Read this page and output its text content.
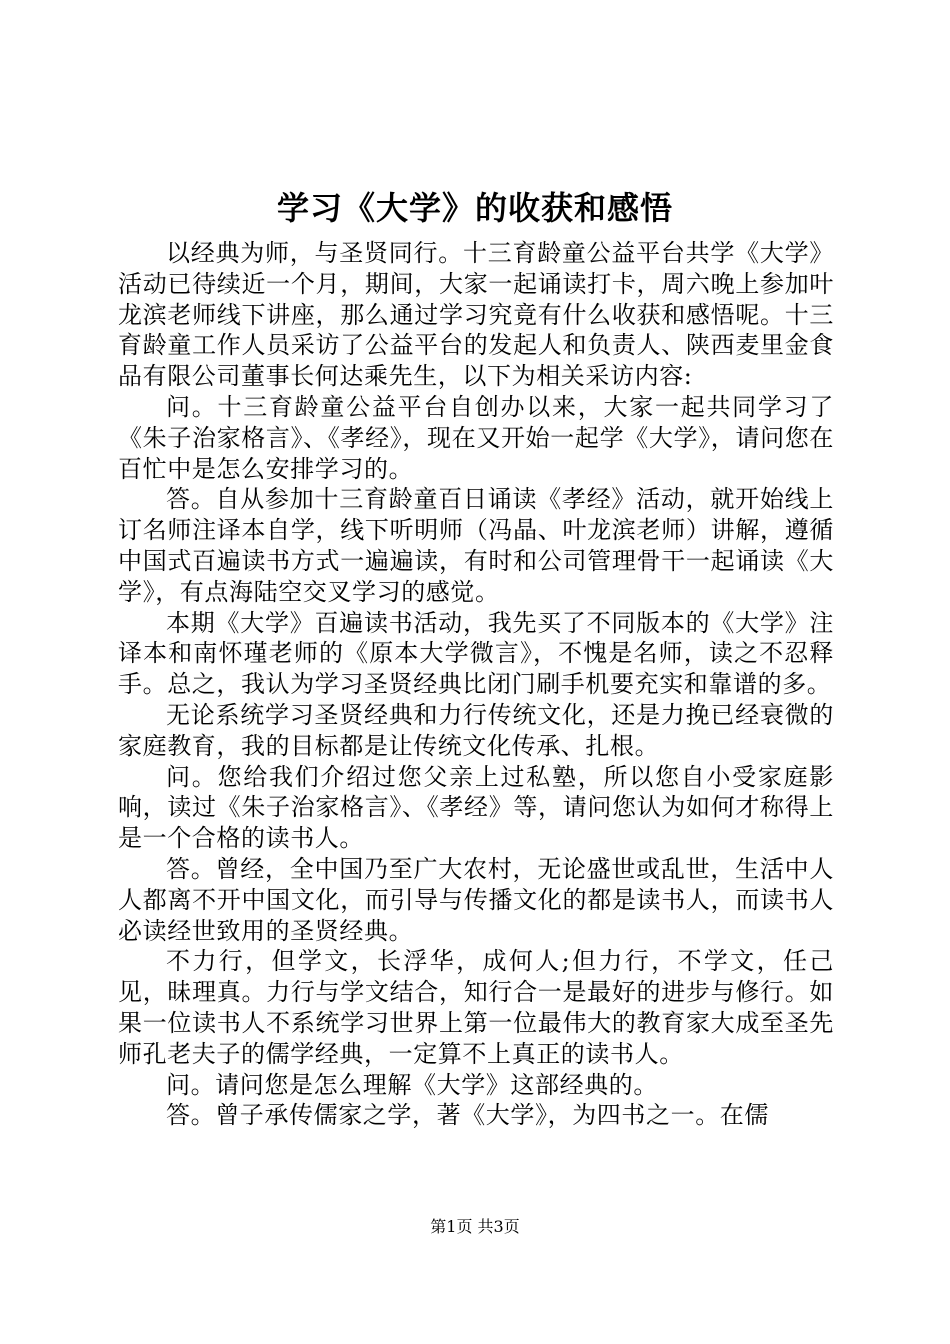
学习《大学》的收获和感悟

以经典为师，与圣贤同行。十三育龄童公益平台共学《大学》活动已待续近一个月，期间，大家一起诵读打卡，周六晚上参加叶龙滨老师线下讲座，那么通过学习究竟有什么收获和感悟呢。十三育龄童工作人员采访了公益平台的发起人和负责人、陕西麦里金食品有限公司董事长何达乘先生，以下为相关采访内容:

问。十三育龄童公益平台自创办以来，大家一起共同学习了《朱子治家格言》、《孝经》，现在又开始一起学《大学》，请问您在百忙中是怎么安排学习的。

答。自从参加十三育龄童百日诵读《孝经》活动，就开始线上订名师注译本自学，线下听明师（冯晶、叶龙滨老师）讲解，遵循中国式百遍读书方式一遍遍读，有时和公司管理骨干一起诵读《大学》，有点海陆空交叉学习的感觉。

本期《大学》百遍读书活动，我先买了不同版本的《大学》注译本和南怀瑾老师的《原本大学微言》，不愧是名师，读之不忍释手。总之，我认为学习圣贤经典比闭门刷手机要充实和靠谱的多。

无论系统学习圣贤经典和力行传统文化，还是力挽已经衰微的家庭教育，我的目标都是让传统文化传承、扎根。

问。您给我们介绍过您父亲上过私塾，所以您自小受家庭影响，读过《朱子治家格言》、《孝经》等，请问您认为如何才称得上是一个合格的读书人。

答。曾经，全中国乃至广大农村，无论盛世或乱世，生活中人人都离不开中国文化，而引导与传播文化的都是读书人，而读书人必读经世致用的圣贤经典。

不力行，但学文，长浮华，成何人;但力行，不学文，任己见，昧理真。力行与学文结合，知行合一是最好的进步与修行。如果一位读书人不系统学习世界上第一位最伟大的教育家大成至圣先师孔老夫子的儒学经典，一定算不上真正的读书人。

问。请问您是怎么理解《大学》这部经典的。

答。曾子承传儒家之学，著《大学》，为四书之一。在儒

第1页 共3页
